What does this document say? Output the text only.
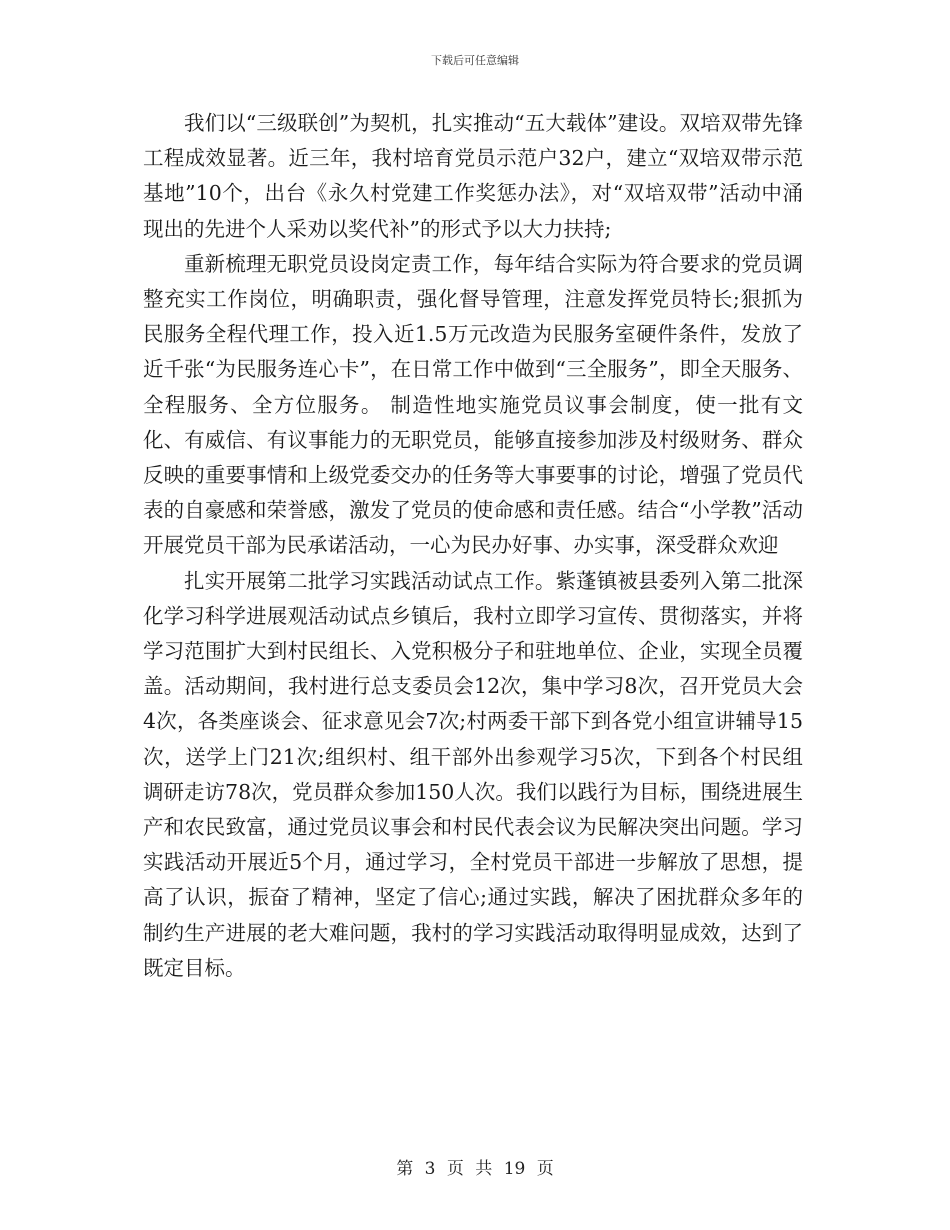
下载后可任意编辑

我们以“三级联创”为契机，扎实推动“五大载体”建设。双培双带先锋工程成效显著。近三年，我村培育党员示范户32户，建立“双培双带示范基地”10个，出台《永久村党建工作奖惩办法》，对“双培双带”活动中涌现出的先进个人采劝以奖代补”的形式予以大力扶持;

重新梳理无职党员设岗定责工作，每年结合实际为符合要求的党员调整充实工作岗位，明确职责，强化督导管理，注意发挥党员特长;狠抓为民服务全程代理工作，投入近1.5万元改造为民服务室硬件条件，发放了近千张“为民服务连心卡”，在日常工作中做到“三全服务”，即全天服务、全程服务、全方位服务。 制造性地实施党员议事会制度，使一批有文化、有威信、有议事能力的无职党员，能够直接参加涉及村级财务、群众反映的重要事情和上级党委交办的任务等大事要事的讨论，增强了党员代表的自豪感和荣誉感，激发了党员的使命感和责任感。结合“小学教”活动开展党员干部为民承诺活动，一心为民办好事、办实事，深受群众欢迎

扎实开展第二批学习实践活动试点工作。紫蓬镇被县委列入第二批深化学习科学进展观活动试点乡镇后，我村立即学习宣传、贯彻落实，并将学习范围扩大到村民组长、入党积极分子和驻地单位、企业，实现全员覆盖。活动期间，我村进行总支委员会12次，集中学习8次，召开党员大会4次，各类座谈会、征求意见会7次;村两委干部下到各党小组宣讲辅导15次，送学上门21次;组织村、组干部外出参观学习5次，下到各个村民组调研走访78次，党员群众参加150人次。我们以践行为目标，围绕进展生产和农民致富，通过党员议事会和村民代表会议为民解决突出问题。学习实践活动开展近5个月，通过学习，全村党员干部进一步解放了思想，提高了认识，振奋了精神，坚定了信心;通过实践，解决了困扰群众多年的制约生产进展的老大难问题，我村的学习实践活动取得明显成效，达到了既定目标。

第 3 页 共 19 页
